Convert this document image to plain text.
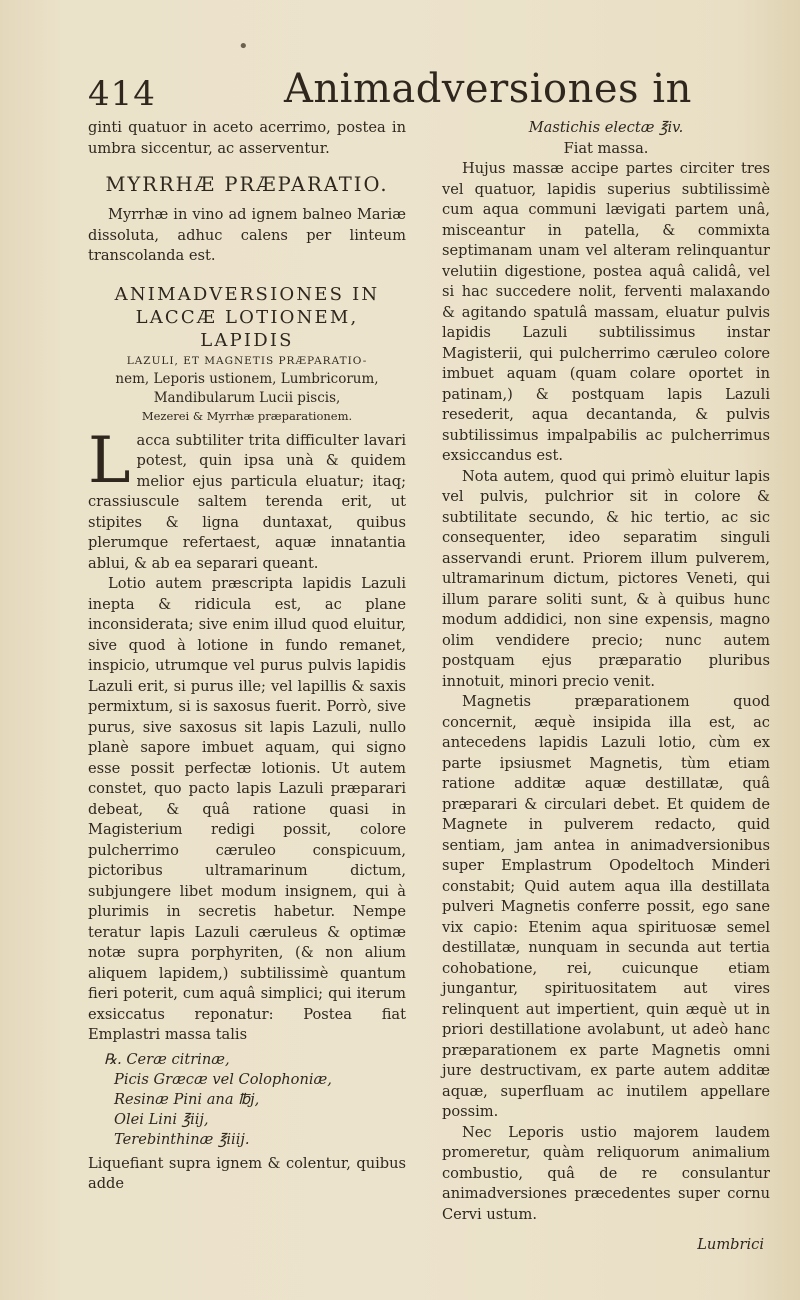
414	Animadversiones in

ginti quatuor in aceto acerrimo, postea in umbra siccentur, ac asserventur.

MYRRHÆ PRÆPARATIO.

Myrrhæ in vino ad ignem balneo Mariæ dissoluta, adhuc calens per linteum transcolanda est.

ANIMADVERSIONES IN LACCÆ LOTIONEM, LAPIDIS
LAZULI, ET MAGNETIS PRÆPARATIO-
nem, Leporis ustionem, Lumbricorum, Mandibularum Lucii piscis,
Mezerei & Myrrhæ præparationem.
L acca subtiliter trita difficulter lavari potest, quin ipsa unà & quidem melior ejus particula eluatur; itaq; crassiuscule saltem terenda erit, ut stipites & ligna duntaxat, quibus plerumque refertaest, aquæ innatantia ablui, & ab ea separari queant.

Lotio autem præscripta lapidis Lazuli inepta & ridicula est, ac plane inconsiderata; sive enim illud quod eluitur, sive quod à lotione in fundo remanet, inspicio, utrumque vel purus pulvis lapidis Lazuli erit, si purus ille; vel lapillis & saxis permixtum, si is saxosus fuerit. Porrò, sive purus, sive saxosus sit lapis Lazuli, nullo planè sapore imbuet aquam, qui signo esse possit perfectæ lotionis. Ut autem constet, quo pacto lapis Lazuli præparari debeat, & quâ ratione quasi in Magisterium redigi possit, colore pulcherrimo cæruleo conspicuum, pictoribus ultramarinum dictum, subjungere libet modum insignem, qui à plurimis in secretis habetur. Nempe teratur lapis Lazuli cæruleus & optimæ notæ supra porphyriten, (& non alium aliquem lapidem,) subtilissimè quantum fieri poterit, cum aquâ simplici; qui iterum exsiccatus reponatur: Postea fiat Emplastri massa talis

℞. Ceræ citrinæ,
Picis Græcæ vel Colophoniæ,
Resinæ Pini ana ℔j,
Olei Lini ℥iij,
Terebinthinæ ℥iiij.

Liquefiant supra ignem & colentur, quibus adde

Mastichis electæ ℥iv.
Fiat massa.

Hujus massæ accipe partes circiter tres vel quatuor, lapidis superius subtilissimè cum aqua communi lævigati partem unâ, misceantur in patella, & commixta septimanam unam vel alteram relinquantur velutiin digestione, postea aquâ calidâ, vel si hac succedere nolit, ferventi malaxando & agitando spatulâ massam, eluatur pulvis lapidis Lazuli subtilissimus instar Magisterii, qui pulcherrimo cæruleo colore imbuet aquam (quam colare oportet in patinam,) & postquam lapis Lazuli resederit, aqua decantanda, & pulvis subtilissimus impalpabilis ac pulcherrimus exsiccandus est.

Nota autem, quod qui primò eluitur lapis vel pulvis, pulchrior sit in colore & subtilitate secundo, & hic tertio, ac sic consequenter, ideo separatim singuli asservandi erunt. Priorem illum pulverem, ultramarinum dictum, pictores Veneti, qui illum parare soliti sunt, & à quibus hunc modum addidici, non sine expensis, magno olim vendidere precio; nunc autem postquam ejus præparatio pluribus innotuit, minori precio venit.

Magnetis præparationem quod concernit, æquè insipida illa est, ac antecedens lapidis Lazuli lotio, cùm ex parte ipsiusmet Magnetis, tùm etiam ratione additæ aquæ destillatæ, quâ præparari & circulari debet. Et quidem de Magnete in pulverem redacto, quid sentiam, jam antea in animadversionibus super Emplastrum Opodeltoch Minderi constabit; Quid autem aqua illa destillata pulveri Magnetis conferre possit, ego sane vix capio: Etenim aqua spirituosæ semel destillatæ, nunquam in secunda aut tertia cohobatione, rei, cuicunque etiam jungantur, spirituositatem aut vires relinquent aut impertient, quin æquè ut in priori destillatione avolabunt, ut adeò hanc præparationem ex parte Magnetis omni jure destructivam, ex parte autem additæ aquæ, superfluam ac inutilem appellare possim.

Nec Leporis ustio majorem laudem promeretur, quàm reliquorum animalium combustio, quâ de re consulantur animadversiones præcedentes super cornu Cervi ustum.

Lumbrici
•
